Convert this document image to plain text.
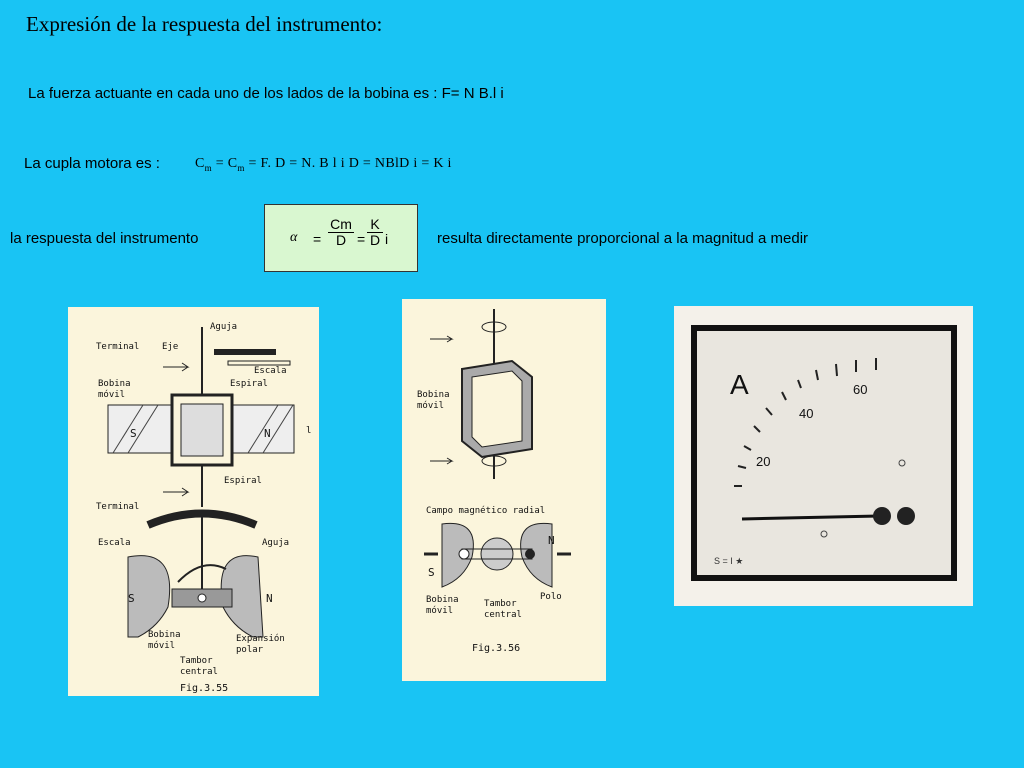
Expresión de la respuesta del instrumento:
La fuerza actuante en cada uno de los lados de la bobina es : F= N B.l i
La cupla motora es :	$C_m = C_m = F$. D = N. B l i D = NBlD i = K i
la respuesta del instrumento	$\alpha = \frac{Cm}{D} = \frac{K}{D}$ i	resulta directamente proporcional a la magnitud a medir
Aguja
Terminal	Eje
Escala
Bobina
móvil
Espiral
S	N	l
Espiral
Terminal
Escala	Aguja
S	N
Bobina
móvil
Expansión
polar
Tambor
central
Fig.3.55
Bobina
móvil
Campo magnético radial
S
N
Bobina
móvil
Tambor
central
Polo
Fig.3.56
A
20
40
60
S = I ★
